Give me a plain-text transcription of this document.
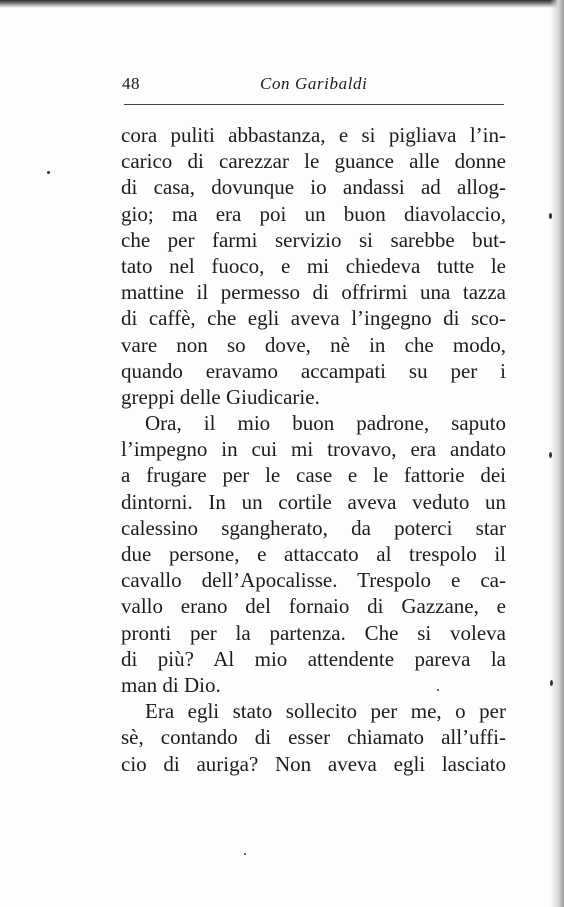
48	Con Garibaldi
cora puliti abbastanza, e si pigliava l’in-
carico di carezzar le guance alle donne
di casa, dovunque io andassi ad allog-
gio; ma era poi un buon diavolaccio,
che per farmi servizio si sarebbe but-
tato nel fuoco, e mi chiedeva tutte le
mattine il permesso di offrirmi una tazza
di caffè, che egli aveva l’ingegno di sco-
vare non so dove, nè in che modo,
quando eravamo accampati su per i
greppi delle Giudicarie.
Ora, il mio buon padrone, saputo
l’impegno in cui mi trovavo, era andato
a frugare per le case e le fattorie dei
dintorni. In un cortile aveva veduto un
calessino sgangherato, da poterci star
due persone, e attaccato al trespolo il
cavallo dell’Apocalisse. Trespolo e ca-
vallo erano del fornaio di Gazzane, e
pronti per la partenza. Che si voleva
di più? Al mio attendente pareva la
man di Dio.
Era egli stato sollecito per me, o per
sè, contando di esser chiamato all’uffi-
cio di auriga? Non aveva egli lasciato
